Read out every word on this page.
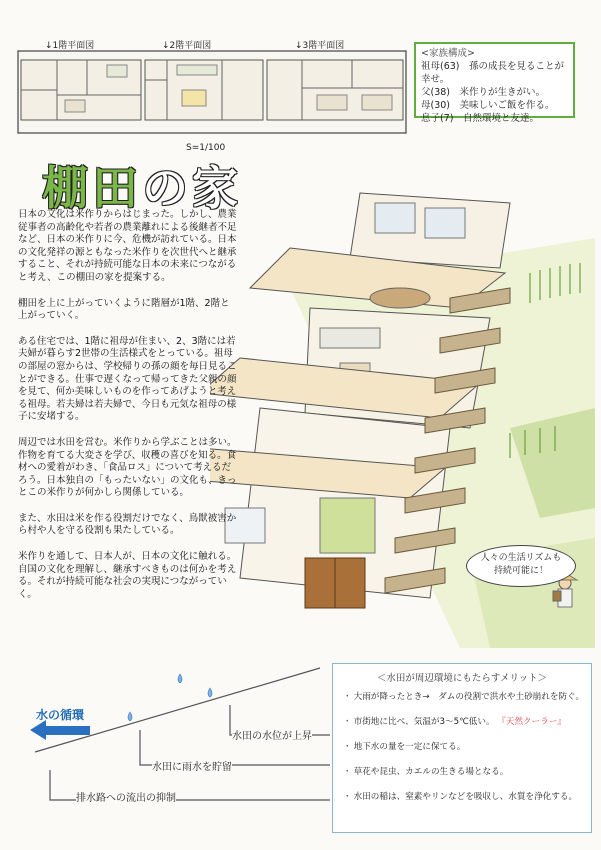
↓1階平面図	↓2階平面図	↓3階平面図
S=1/100
<家族構成>
祖母(63)　孫の成長を見ることが幸せ。
父(38)　米作りが生きがい。
母(30)　美味しいご飯を作る。
息子(7)　自然環境と友達。
棚田の家

日本の文化は米作りからはじまった。しかし、農業従事者の高齢化や若者の農業離れによる後継者不足など、日本の米作りに今、危機が訪れている。日本の文化発祥の源ともなった米作りを次世代へと継承すること、それが持続可能な日本の未来につながると考え、この棚田の家を提案する。

棚田を上に上がっていくように階層が1階、2階と上がっていく。

ある住宅では、1階に祖母が住まい、2、3階には若夫婦が暮らす2世帯の生活様式をとっている。祖母の部屋の窓からは、学校帰りの孫の顔を毎日見ることができる。仕事で遅くなって帰ってきた父親の顔を見て、何か美味しいものを作ってあげようと考える祖母。若夫婦は若夫婦で、今日も元気な祖母の様子に安堵する。

周辺では水田を営む。米作りから学ぶことは多い。作物を育てる大変さを学び、収穫の喜びを知る。食材への愛着がわき、「食品ロス」について考えるだろう。日本独自の「もったいない」の文化も、きっとこの米作りが何かしら関係している。

また、水田は米を作る役割だけでなく、鳥獣被害から村や人を守る役割も果たしている。

米作りを通して、日本人が、日本の文化に触れる。自国の文化を理解し、継承すべきものは何かを考える。それが持続可能な社会の実現につながっていく。

人々の生活リズムも
持続可能に！
水の循環
水田の水位が上昇
水田に雨水を貯留
排水路への流出の抑制
＜水田が周辺環境にもたらすメリット＞
・ 大雨が降ったとき→　ダムの役割で洪水や土砂崩れを防ぐ。
・ 市街地に比べ、気温が3～5℃低い。 『天然クーラー』
・ 地下水の量を一定に保てる。
・ 草花や昆虫、カエルの生きる場となる。
・ 水田の稲は、窒素やリンなどを吸収し、水質を浄化する。
